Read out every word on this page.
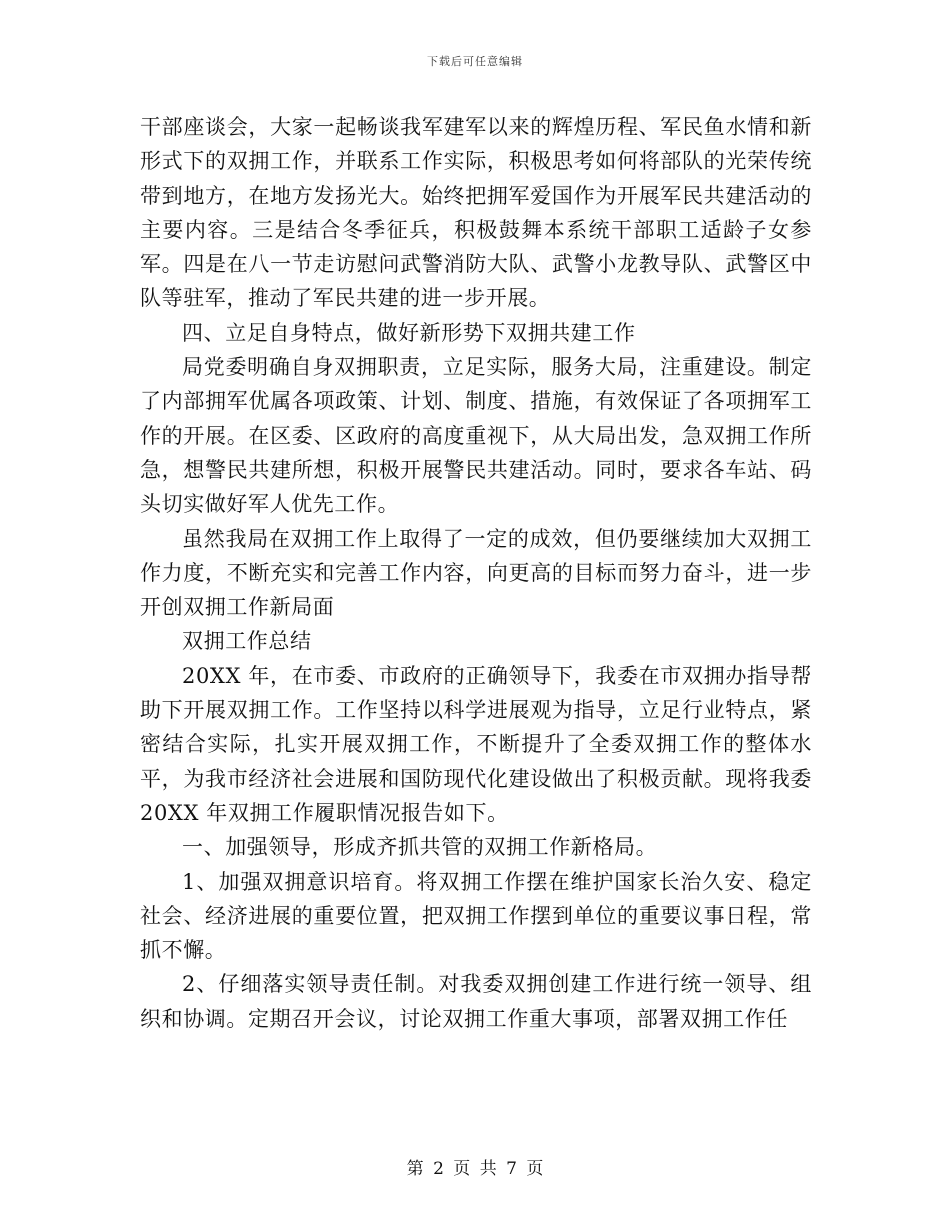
下载后可任意编辑

干部座谈会，大家一起畅谈我军建军以来的辉煌历程、军民鱼水情和新形式下的双拥工作，并联系工作实际，积极思考如何将部队的光荣传统带到地方，在地方发扬光大。始终把拥军爱国作为开展军民共建活动的主要内容。三是结合冬季征兵，积极鼓舞本系统干部职工适龄子女参军。四是在八一节走访慰问武警消防大队、武警小龙教导队、武警区中队等驻军，推动了军民共建的进一步开展。

四、立足自身特点，做好新形势下双拥共建工作

局党委明确自身双拥职责，立足实际，服务大局，注重建设。制定了内部拥军优属各项政策、计划、制度、措施，有效保证了各项拥军工作的开展。在区委、区政府的高度重视下，从大局出发，急双拥工作所急，想警民共建所想，积极开展警民共建活动。同时，要求各车站、码头切实做好军人优先工作。

虽然我局在双拥工作上取得了一定的成效，但仍要继续加大双拥工作力度，不断充实和完善工作内容，向更高的目标而努力奋斗，进一步开创双拥工作新局面

双拥工作总结

20XX 年，在市委、市政府的正确领导下，我委在市双拥办指导帮助下开展双拥工作。工作坚持以科学进展观为指导，立足行业特点，紧密结合实际，扎实开展双拥工作，不断提升了全委双拥工作的整体水平，为我市经济社会进展和国防现代化建设做出了积极贡献。现将我委 20XX 年双拥工作履职情况报告如下。

一、加强领导，形成齐抓共管的双拥工作新格局。

1、加强双拥意识培育。将双拥工作摆在维护国家长治久安、稳定社会、经济进展的重要位置，把双拥工作摆到单位的重要议事日程，常抓不懈。

2、仔细落实领导责任制。对我委双拥创建工作进行统一领导、组织和协调。定期召开会议，讨论双拥工作重大事项，部署双拥工作任

第 2 页 共 7 页
